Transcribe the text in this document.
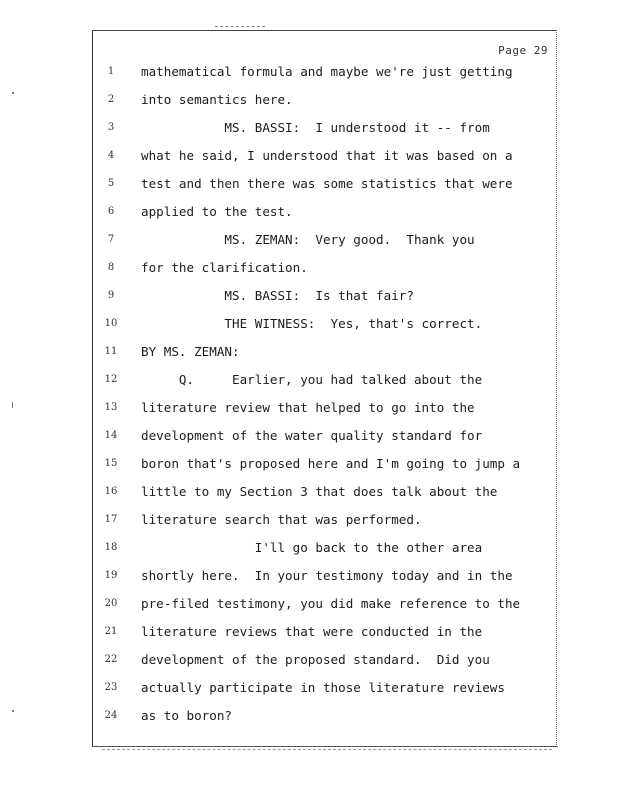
Page 29
1	mathematical formula and maybe we're just getting
2	into semantics here.
3	MS. BASSI:  I understood it -- from
4	what he said, I understood that it was based on a
5	test and then there was some statistics that were
6	applied to the test.
7	MS. ZEMAN:  Very good.  Thank you
8	for the clarification.
9	MS. BASSI:  Is that fair?
10	THE WITNESS:  Yes, that's correct.
11	BY MS. ZEMAN:
12	Q.     Earlier, you had talked about the
13	literature review that helped to go into the
14	development of the water quality standard for
15	boron that's proposed here and I'm going to jump a
16	little to my Section 3 that does talk about the
17	literature search that was performed.
18	I'll go back to the other area
19	shortly here.  In your testimony today and in the
20	pre-filed testimony, you did make reference to the
21	literature reviews that were conducted in the
22	development of the proposed standard.  Did you
23	actually participate in those literature reviews
24	as to boron?
